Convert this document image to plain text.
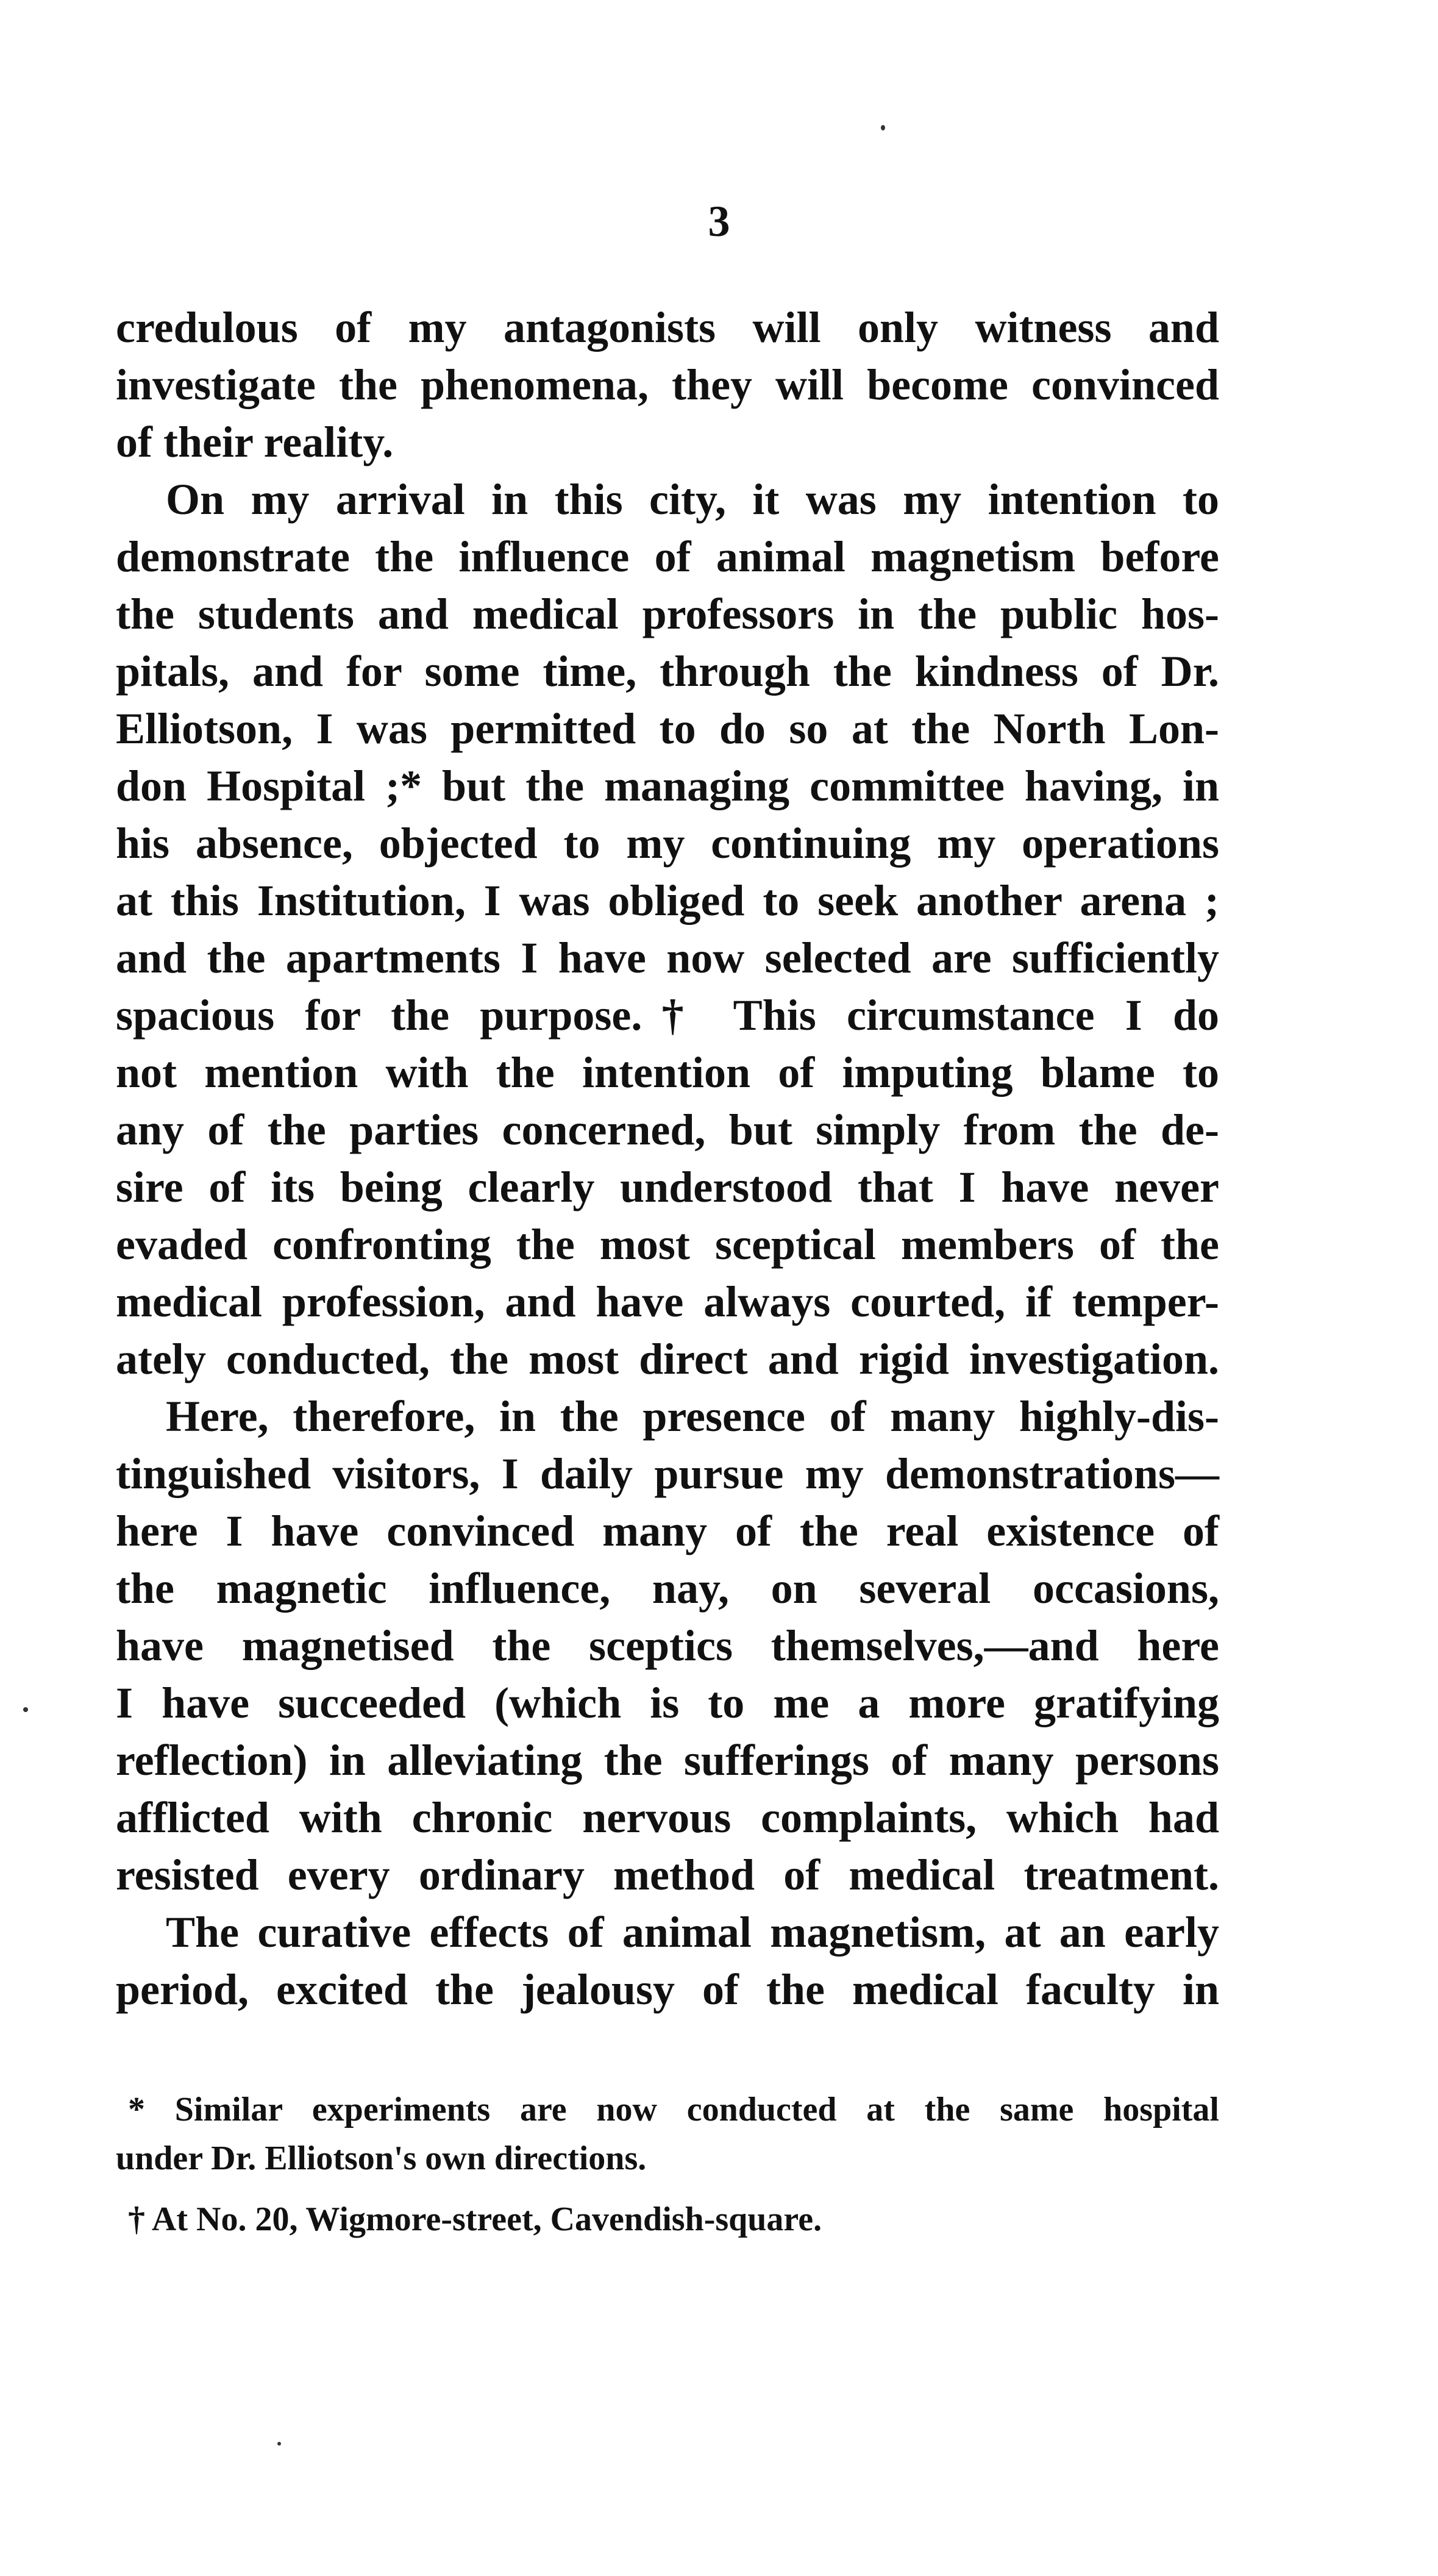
3

credulous of my antagonists will only witness and
investigate the phenomena, they will become convinced
of their reality.

On my arrival in this city, it was my intention to
demonstrate the influence of animal magnetism before
the students and medical professors in the public hos-
pitals, and for some time, through the kindness of Dr.
Elliotson, I was permitted to do so at the North Lon-
don Hospital ;* but the managing committee having, in
his absence, objected to my continuing my operations
at this Institution, I was obliged to seek another arena ;
and the apartments I have now selected are sufficiently
spacious for the purpose.† This circumstance I do
not mention with the intention of imputing blame to
any of the parties concerned, but simply from the de-
sire of its being clearly understood that I have never
evaded confronting the most sceptical members of the
medical profession, and have always courted, if temper-
ately conducted, the most direct and rigid investigation.

Here, therefore, in the presence of many highly-dis-
tinguished visitors, I daily pursue my demonstrations—
here I have convinced many of the real existence of
the magnetic influence, nay, on several occasions,
have magnetised the sceptics themselves,—and here
I have succeeded (which is to me a more gratifying
reflection) in alleviating the sufferings of many persons
afflicted with chronic nervous complaints, which had
resisted every ordinary method of medical treatment.

The curative effects of animal magnetism, at an early
period, excited the jealousy of the medical faculty in

* Similar experiments are now conducted at the same hospital
under Dr. Elliotson's own directions.

† At No. 20, Wigmore-street, Cavendish-square.
